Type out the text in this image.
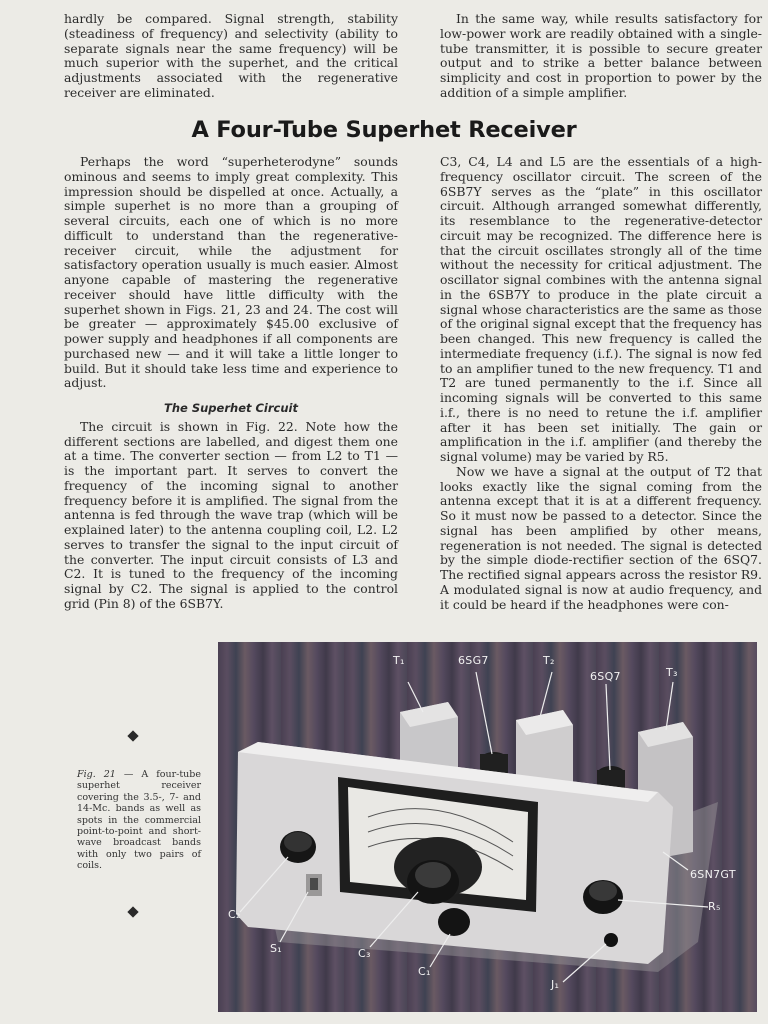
hardly be compared. Signal strength, stability (steadiness of frequency) and selectivity (ability to separate signals near the same frequency) will be much superior with the superhet, and the critical adjustments associated with the regenerative receiver are eliminated.

In the same way, while results satisfactory for low-power work are readily obtained with a single-tube transmitter, it is possible to secure greater output and to strike a better balance between simplicity and cost in proportion to power by the addition of a simple amplifier.

A Four-Tube Superhet Receiver

Perhaps the word “superheterodyne” sounds ominous and seems to imply great complexity. This impression should be dispelled at once. Actually, a simple superhet is no more than a grouping of several circuits, each one of which is no more difficult to understand than the regenerative-receiver circuit, while the adjustment for satisfactory operation usually is much easier. Almost anyone capable of mastering the regenerative receiver should have little difficulty with the superhet shown in Figs. 21, 23 and 24. The cost will be greater — approximately $45.00 exclusive of power supply and headphones if all components are purchased new — and it will take a little longer to build. But it should take less time and experience to adjust.

The Superhet Circuit

The circuit is shown in Fig. 22. Note how the different sections are labelled, and digest them one at a time. The converter section — from L2 to T1 — is the important part. It serves to convert the frequency of the incoming signal to another frequency before it is amplified. The signal from the antenna is fed through the wave trap (which will be explained later) to the antenna coupling coil, L2. L2 serves to transfer the signal to the input circuit of the converter. The input circuit consists of L3 and C2. It is tuned to the frequency of the incoming signal by C2. The signal is applied to the control grid (Pin 8) of the 6SB7Y.

C3, C4, L4 and L5 are the essentials of a high-frequency oscillator circuit. The screen of the 6SB7Y serves as the “plate” in this oscillator circuit. Although arranged somewhat differently, its resemblance to the regenerative-detector circuit may be recognized. The difference here is that the circuit oscillates strongly all of the time without the necessity for critical adjustment. The oscillator signal combines with the antenna signal in the 6SB7Y to produce in the plate circuit a signal whose characteristics are the same as those of the original signal except that the frequency has been changed. This new frequency is called the intermediate frequency (i.f.). The signal is now fed to an amplifier tuned to the new frequency. T1 and T2 are tuned permanently to the i.f. Since all incoming signals will be converted to this same i.f., there is no need to retune the i.f. amplifier after it has been set initially. The gain or amplification in the i.f. amplifier (and thereby the signal volume) may be varied by R5.

Now we have a signal at the output of T2 that looks exactly like the signal coming from the antenna except that it is at a different frequency. So it must now be passed to a detector. Since the signal has been amplified by other means, regeneration is not needed. The signal is detected by the simple diode-rectifier section of the 6SQ7. The rectified signal appears across the resistor R9. A modulated signal is now at audio frequency, and it could be heard if the headphones were con-

Fig. 21 — A four-tube superhet receiver covering the 3.5-, 7- and 14-Mc. bands as well as spots in the commercial point-to-point and short-wave broadcast bands with only two pairs of coils.
T₁	6SG7	T₂
6SQ7	T₃
6SN7GT
R₅
C₂
S₁	C₃
C₁
J₁
